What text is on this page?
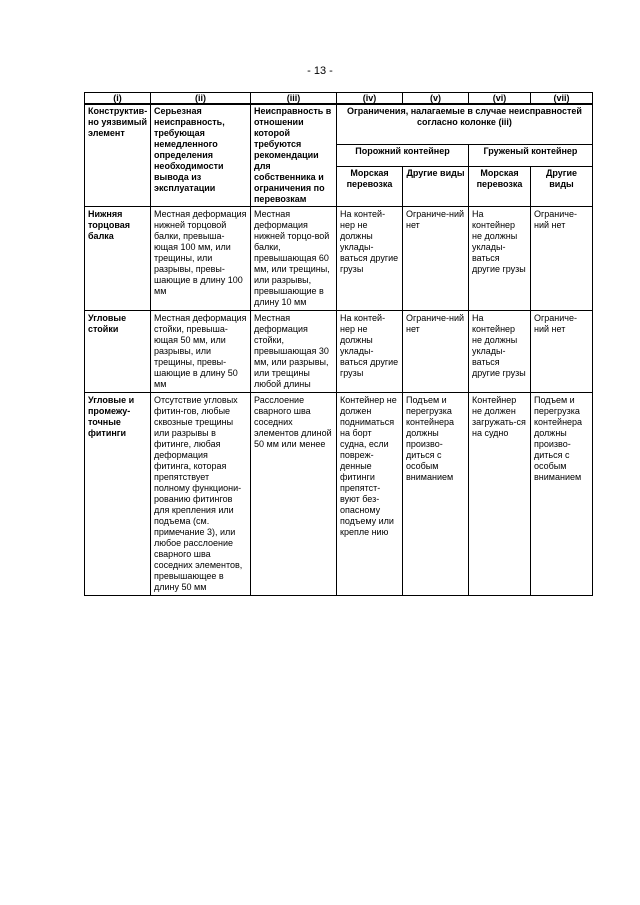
- 13 -
(i)	(ii)	(iii)	(iv)	(v)	(vi)	(vii)
Конструктив-но уязвимый элемент	Серьезная неисправность, требующая немедленного определения необходимости вывода из эксплуатации	Неисправность в отношении которой требуются рекомендации для собственника и ограничения по перевозкам	Ограничения, налагаемые в случае неисправностей согласно колонке (iii)			
			Порожний контейнер		Груженый контейнер	
			Морская перевозка	Другие виды	Морская перевозка	Другие виды
Нижняя торцовая балка	Местная деформация нижней торцовой балки, превыша-ющая 100 мм, или трещины, или разрывы, превы-шающие в длину 100 мм	Местная деформация нижней торцо-вой балки, превышающая 60 мм, или трещины, или разрывы, превышающие в длину 10 мм	На контей-нер не должны уклады-ваться другие грузы	Ограниче-ний нет	На контейнер не должны уклады-ваться другие грузы	Ограниче-ний нет
Угловые стойки	Местная деформация стойки, превыша-ющая 50 мм, или разрывы, или трещины, превы-шающие в длину 50 мм	Местная деформация стойки, превышающая 30 мм, или разрывы, или трещины любой длины	На контей-нер не должны уклады-ваться другие грузы	Ограниче-ний нет	На контейнер не должны уклады-ваться другие грузы	Ограниче-ний нет
Угловые и промежу-точные фитинги	Отсутствие угловых фитин-гов, любые сквозные трещины или разрывы в фитинге, любая деформация фитинга, которая препятствует полному функциони-рованию фитингов для крепления или подъема (см. примечание 3), или любое расслоение сварного шва соседних элементов, превышающее в длину 50 мм	Расслоение сварного шва соседних элементов длиной 50 мм или менее	Контейнер не должен подниматься на борт судна, если повреж-денные фитинги препятст-вуют без-опасному подъему или крепле нию	Подъем и перегрузка контейнера должны произво-диться с особым вниманием	Контейнер не должен загружать-ся на судно	Подъем и перегрузка контейнера должны произво-диться с особым вниманием
